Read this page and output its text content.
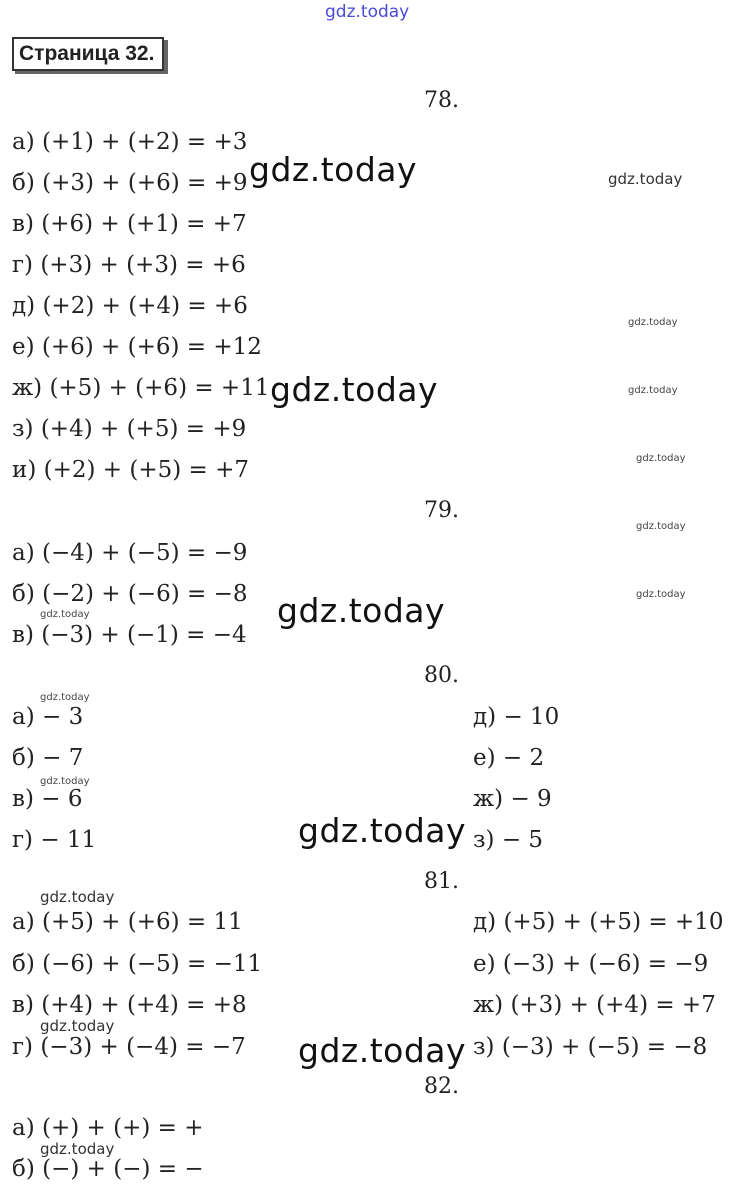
gdz.today
Страница 32.
78.
а) (+1) + (+2) = +3
б) (+3) + (+6) = +9
в) (+6) + (+1) = +7
г) (+3) + (+3) = +6
д) (+2) + (+4) = +6
е) (+6) + (+6) = +12
ж) (+5) + (+6) = +11
з) (+4) + (+5) = +9
и) (+2) + (+5) = +7
79.
а) (−4) + (−5) = −9
б) (−2) + (−6) = −8
в) (−3) + (−1) = −4
80.
а) − 3
б) − 7
в) − 6
г) − 11
д) − 10
е) − 2
ж) − 9
з) − 5
81.
а) (+5) + (+6) = 11
б) (−6) + (−5) = −11
в) (+4) + (+4) = +8
г) (−3) + (−4) = −7
д) (+5) + (+5) = +10
е) (−3) + (−6) = −9
ж) (+3) + (+4) = +7
з) (−3) + (−5) = −8
82.
а) (+) + (+) = +
б) (−) + (−) = −
gdz.today
gdz.today
gdz.today
gdz.today
gdz.today
gdz.today
gdz.today
gdz.today
gdz.today
gdz.today
gdz.today
gdz.today
gdz.today
gdz.today
gdz.today
gdz.today
gdz.today
